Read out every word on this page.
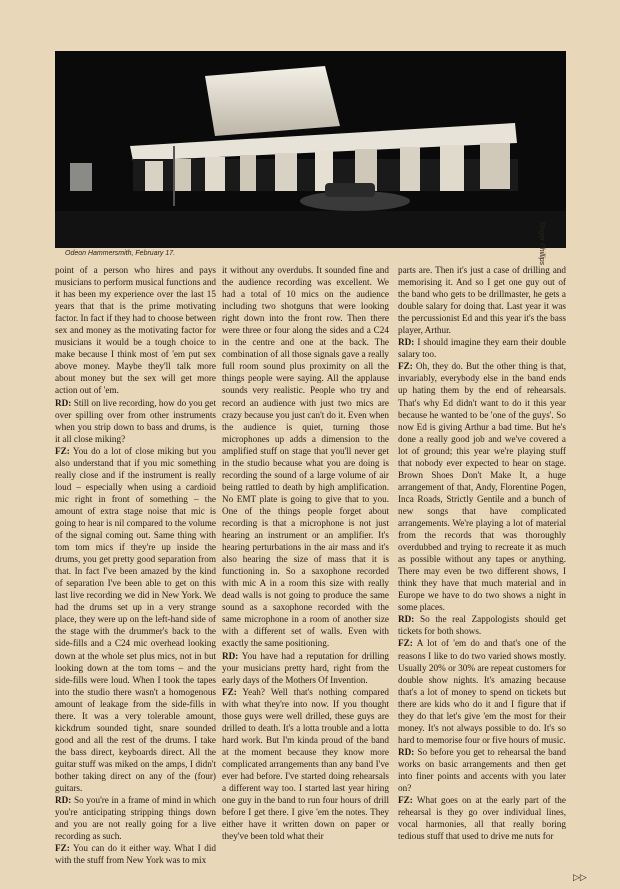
Odeon Hammersmith, February 17.	Roger Phillips

point of a person who hires and pays musicians to perform musical functions and it has been my experience over the last 15 years that that is the prime motivating factor. In fact if they had to choose between sex and money as the motivating factor for musicians it would be a tough choice to make because I think most of 'em put sex above money. Maybe they'll talk more about money but the sex will get more action out of 'em.

RD: Still on live recording, how do you get over spilling over from other instruments when you strip down to bass and drums, is it all close miking?

FZ: You do a lot of close miking but you also understand that if you mic something really close and if the instrument is really loud – especially when using a cardioid mic right in front of something – the amount of extra stage noise that mic is going to hear is nil compared to the volume of the signal coming out. Same thing with tom tom mics if they're up inside the drums, you get pretty good separation from that. In fact I've been amazed by the kind of separation I've been able to get on this last live recording we did in New York. We had the drums set up in a very strange place, they were up on the left-hand side of the stage with the drummer's back to the side-fills and a C24 mic overhead looking down at the whole set plus mics, not in but looking down at the tom toms – and the side-fills were loud. When I took the tapes into the studio there wasn't a homogenous amount of leakage from the side-fills in there. It was a very tolerable amount, kickdrum sounded tight, snare sounded good and all the rest of the drums. I take the bass direct, keyboards direct. All the guitar stuff was miked on the amps, I didn't bother taking direct on any of the (four) guitars.

RD: So you're in a frame of mind in which you're anticipating stripping things down and you are not really going for a live recording as such.

FZ: You can do it either way. What I did with the stuff from New York was to mix

it without any overdubs. It sounded fine and the audience recording was excellent. We had a total of 10 mics on the audience including two shotguns that were looking right down into the front row. Then there were three or four along the sides and a C24 in the centre and one at the back. The combination of all those signals gave a really full room sound plus proximity on all the things people were saying. All the applause sounds very realistic. People who try and record an audience with just two mics are crazy because you just can't do it. Even when the audience is quiet, turning those microphones up adds a dimension to the amplified stuff on stage that you'll never get in the studio because what you are doing is recording the sound of a large volume of air being rattled to death by high amplification. No EMT plate is going to give that to you. One of the things people forget about recording is that a microphone is not just hearing an instrument or an amplifier. It's hearing perturbations in the air mass and it's also hearing the size of mass that it is functioning in. So a saxophone recorded with mic A in a room this size with really dead walls is not going to produce the same sound as a saxophone recorded with the same microphone in a room of another size with a different set of walls. Even with exactly the same positioning.

RD: You have had a reputation for drilling your musicians pretty hard, right from the early days of the Mothers Of Invention.

FZ: Yeah? Well that's nothing compared with what they're into now. If you thought those guys were well drilled, these guys are drilled to death. It's a lotta trouble and a lotta hard work. But I'm kinda proud of the band at the moment because they know more complicated arrangements than any band I've ever had before. I've started doing rehearsals a different way too. I started last year hiring one guy in the band to run four hours of drill before I get there. I give 'em the notes. They either have it written down on paper or they've been told what their

parts are. Then it's just a case of drilling and memorising it. And so I get one guy out of the band who gets to be drillmaster, he gets a double salary for doing that. Last year it was the percussionist Ed and this year it's the bass player, Arthur.

RD: I should imagine they earn their double salary too.

FZ: Oh, they do. But the other thing is that, invariably, everybody else in the band ends up hating them by the end of rehearsals. That's why Ed didn't want to do it this year because he wanted to be 'one of the guys'. So now Ed is giving Arthur a bad time. But he's done a really good job and we've covered a lot of ground; this year we're playing stuff that nobody ever expected to hear on stage. Brown Shoes Don't Make It, a huge arrangement of that, Andy, Florentine Pogen, Inca Roads, Strictly Gentile and a bunch of new songs that have complicated arrangements. We're playing a lot of material from the records that was thoroughly overdubbed and trying to recreate it as much as possible without any tapes or anything. There may even be two different shows, I think they have that much material and in Europe we have to do two shows a night in some places.

RD: So the real Zappologists should get tickets for both shows.

FZ: A lot of 'em do and that's one of the reasons I like to do two varied shows mostly. Usually 20% or 30% are repeat customers for double show nights. It's amazing because that's a lot of money to spend on tickets but there are kids who do it and I figure that if they do that let's give 'em the most for their money. It's not always possible to do. It's so hard to memorise four or five hours of music.

RD: So before you get to rehearsal the band works on basic arrangements and then get into finer points and accents with you later on?

FZ: What goes on at the early part of the rehearsal is they go over individual lines, vocal harmonies, all that really boring tedious stuff that used to drive me nuts for

▷▷
